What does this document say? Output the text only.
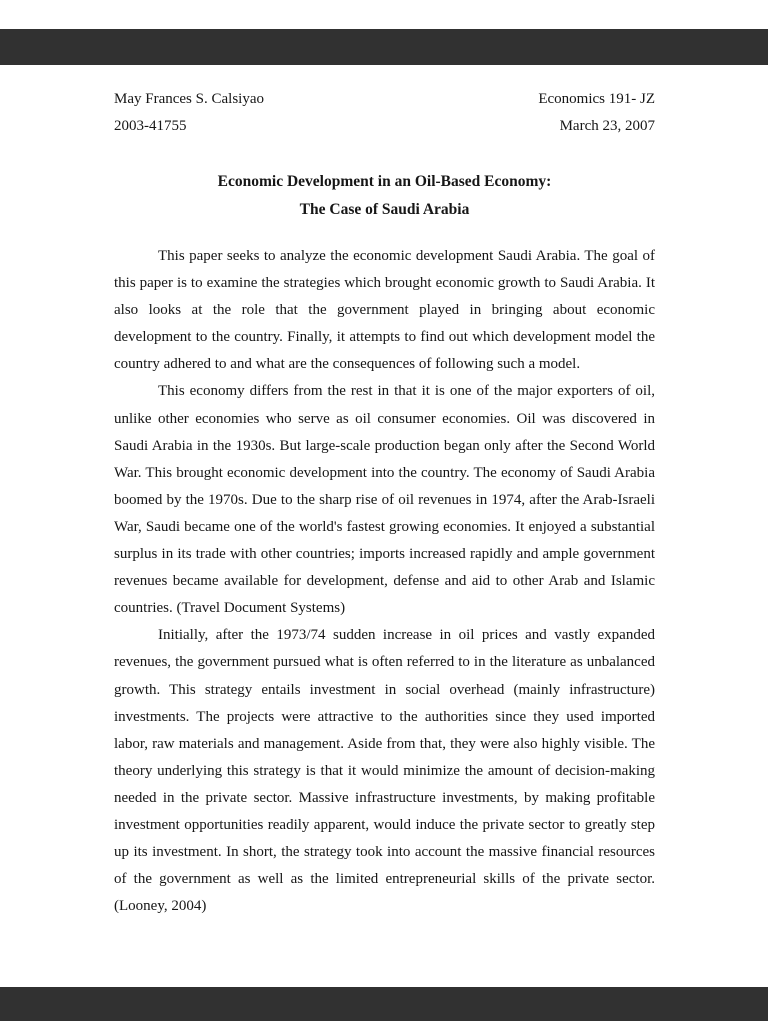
May Frances S. Calsiyao	Economics 191- JZ
2003-41755	March 23, 2007
Economic Development in an Oil-Based Economy:
The Case of Saudi Arabia

This paper seeks to analyze the economic development Saudi Arabia. The goal of this paper is to examine the strategies which brought economic growth to Saudi Arabia. It also looks at the role that the government played in bringing about economic development to the country. Finally, it attempts to find out which development model the country adhered to and what are the consequences of following such a model.

This economy differs from the rest in that it is one of the major exporters of oil, unlike other economies who serve as oil consumer economies. Oil was discovered in Saudi Arabia in the 1930s. But large-scale production began only after the Second World War. This brought economic development into the country. The economy of Saudi Arabia boomed by the 1970s. Due to the sharp rise of oil revenues in 1974, after the Arab-Israeli War, Saudi became one of the world's fastest growing economies. It enjoyed a substantial surplus in its trade with other countries; imports increased rapidly and ample government revenues became available for development, defense and aid to other Arab and Islamic countries. (Travel Document Systems)

Initially, after the 1973/74 sudden increase in oil prices and vastly expanded revenues, the government pursued what is often referred to in the literature as unbalanced growth. This strategy entails investment in social overhead (mainly infrastructure) investments. The projects were attractive to the authorities since they used imported labor, raw materials and management. Aside from that, they were also highly visible. The theory underlying this strategy is that it would minimize the amount of decision-making needed in the private sector. Massive infrastructure investments, by making profitable investment opportunities readily apparent, would induce the private sector to greatly step up its investment. In short, the strategy took into account the massive financial resources of the government as well as the limited entrepreneurial skills of the private sector. (Looney, 2004)
